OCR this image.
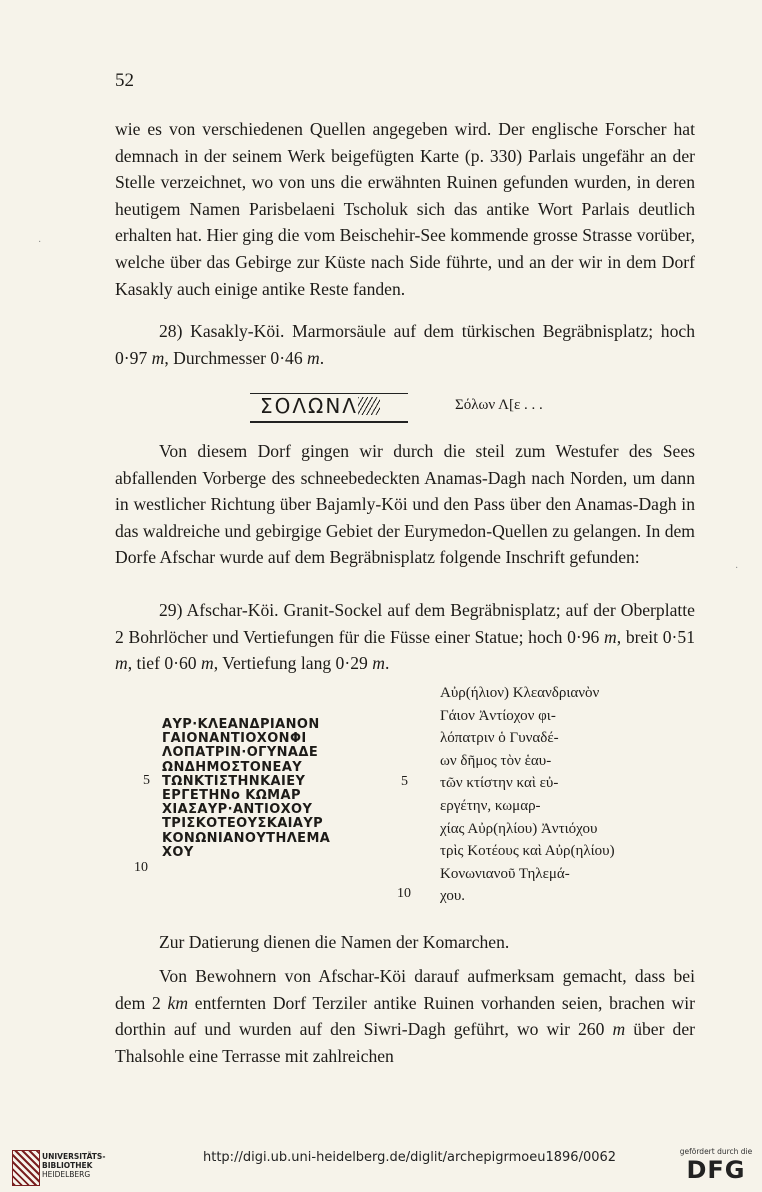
52

wie es von verschiedenen Quellen angegeben wird. Der englische Forscher hat demnach in der seinem Werk beigefügten Karte (p. 330) Parlais ungefähr an der Stelle verzeichnet, wo von uns die erwähnten Ruinen gefunden wurden, in deren heutigem Namen Parisbelaeni Tscholuk sich das antike Wort Parlais deutlich erhalten hat. Hier ging die vom Beischehir-See kommende grosse Strasse vorüber, welche über das Gebirge zur Küste nach Side führte, und an der wir in dem Dorf Kasakly auch einige antike Reste fanden.

28) Kasakly-Köi. Marmorsäule auf dem türkischen Begräbnisplatz; hoch 0·97 m, Durchmesser 0·46 m.

ΣΟΛΩΝΛ	Σόλων Λ[ε . . .

Von diesem Dorf gingen wir durch die steil zum Westufer des Sees abfallenden Vorberge des schneebedeckten Anamas-Dagh nach Norden, um dann in westlicher Richtung über Bajamly-Köi und den Pass über den Anamas-Dagh in das waldreiche und gebirgige Gebiet der Eurymedon-Quellen zu gelangen. In dem Dorfe Afschar wurde auf dem Begräbnisplatz folgende Inschrift gefunden:

29) Afschar-Köi. Granit-Sockel auf dem Begräbnisplatz; auf der Oberplatte 2 Bohrlöcher und Vertiefungen für die Füsse einer Statue; hoch 0·96 m, breit 0·51 m, tief 0·60 m, Vertiefung lang 0·29 m.

ΑΥΡ·ΚΛΕΑΝΔΡΙΑΝΟΝ
ΓΑΙΟΝΑΝΤΙΟΧΟΝΦΙ
ΛΟΠΑΤΡΙΝ·ΟΓΥΝΑΔΕ
ΩΝΔΗΜΟΣΤΟΝΕΑΥ
ΤΩΝΚΤΙΣΤΗΝΚΑΙΕΥ
ΕΡΓΕΤΗΝο ΚΩΜΑΡ
ΧΙΑΣΑΥΡ·ΑΝΤΙΟΧΟΥ
ΤΡΙΣΚΟΤΕΟΥΣΚΑΙΑΥΡ
ΚΟΝΩΝΙΑΝΟΥΤΗΛΕΜΑ
ΧΟΥ
5
10
Αὐρ(ήλιον) Κλεανδριανὸν
Γάιον Ἀντίοχον φι-
λόπατριν ὁ Γυναδέ-
ων δῆμος τὸν ἑαυ-
τῶν κτίστην καὶ εὐ-
εργέτην, κωμαρ-
χίας Αὐρ(ηλίου) Ἀντιόχου
τρὶς Κοτέους καὶ Αὐρ(ηλίου)
Κονωνιανοῦ Τηλεμά-
χου.
5
10

Zur Datierung dienen die Namen der Komarchen.

Von Bewohnern von Afschar-Köi darauf aufmerksam gemacht, dass bei dem 2 km entfernten Dorf Terziler antike Ruinen vorhanden seien, brachen wir dorthin auf und wurden auf den Siwri-Dagh geführt, wo wir 260 m über der Thalsohle eine Terrasse mit zahlreichen

·
·
UNIVERSITÄTS-
BIBLIOTHEK
HEIDELBERG
http://digi.ub.uni-heidelberg.de/diglit/archepigrmoeu1896/0062	gefördert durch die
DFG
